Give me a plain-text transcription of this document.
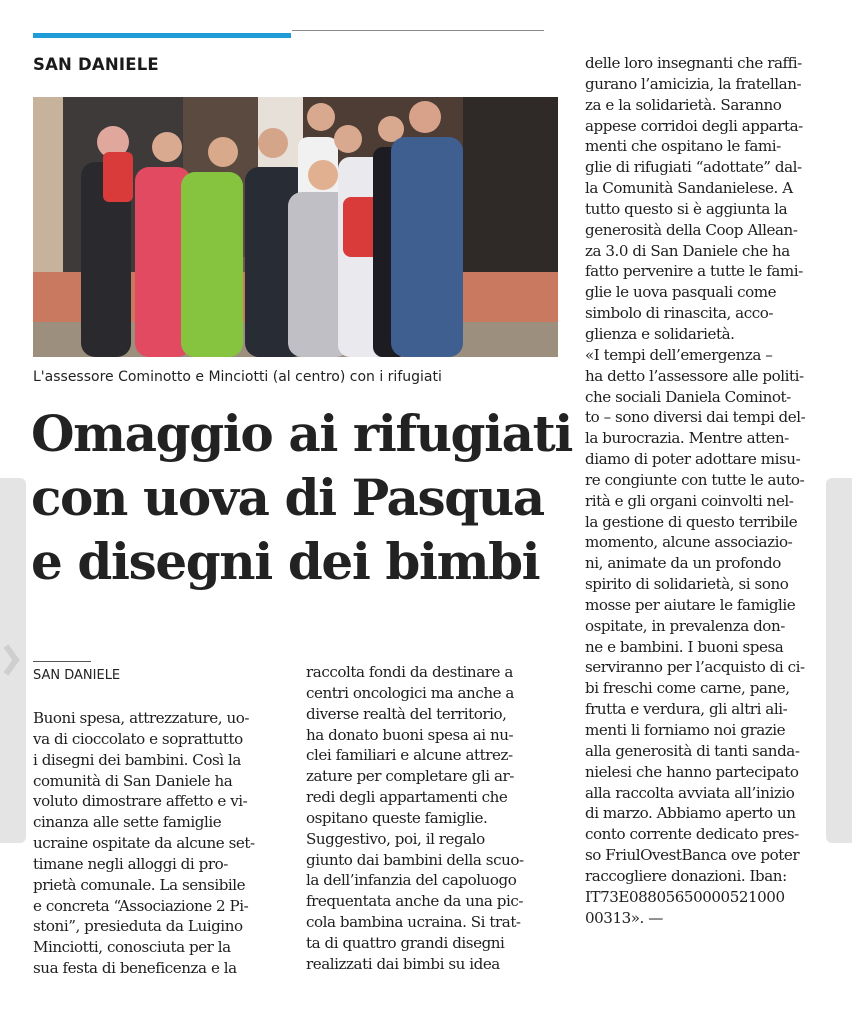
SAN DANIELE
L'assessore Cominotto e Minciotti (al centro) con i rifugiati
Omaggio ai rifugiati
con uova di Pasqua
e disegni dei bimbi
SAN DANIELE
Buoni spesa, attrezzature, uo-
va di cioccolato e soprattutto
i disegni dei bambini. Così la
comunità di San Daniele ha
voluto dimostrare affetto e vi-
cinanza alle sette famiglie
ucraine ospitate da alcune set-
timane negli alloggi di pro-
prietà comunale. La sensibile
e concreta “Associazione 2 Pi-
stoni”, presieduta da Luigino
Minciotti, conosciuta per la
sua festa di beneficenza e la
raccolta fondi da destinare a
centri oncologici ma anche a
diverse realtà del territorio,
ha donato buoni spesa ai nu-
clei familiari e alcune attrez-
zature per completare gli ar-
redi degli appartamenti che
ospitano queste famiglie.
Suggestivo, poi, il regalo
giunto dai bambini della scuo-
la dell’infanzia del capoluogo
frequentata anche da una pic-
cola bambina ucraina. Si trat-
ta di quattro grandi disegni
realizzati dai bimbi su idea
delle loro insegnanti che raffi-
gurano l’amicizia, la fratellan-
za e la solidarietà. Saranno
appese corridoi degli apparta-
menti che ospitano le fami-
glie di rifugiati “adottate” dal-
la Comunità Sandanielese. A
tutto questo si è aggiunta la
generosità della Coop Allean-
za 3.0 di San Daniele che ha
fatto pervenire a tutte le fami-
glie le uova pasquali come
simbolo di rinascita, acco-
glienza e solidarietà.
«I tempi dell’emergenza –
ha detto l’assessore alle politi-
che sociali Daniela Cominot-
to – sono diversi dai tempi del-
la burocrazia. Mentre atten-
diamo di poter adottare misu-
re congiunte con tutte le auto-
rità e gli organi coinvolti nel-
la gestione di questo terribile
momento, alcune associazio-
ni, animate da un profondo
spirito di solidarietà, si sono
mosse per aiutare le famiglie
ospitate, in prevalenza don-
ne e bambini. I buoni spesa
serviranno per l’acquisto di ci-
bi freschi come carne, pane,
frutta e verdura, gli altri ali-
menti li forniamo noi grazie
alla generosità di tanti sanda-
nielesi che hanno partecipato
alla raccolta avviata all’inizio
di marzo. Abbiamo aperto un
conto corrente dedicato pres-
so FriulOvestBanca ove poter
raccogliere donazioni. Iban:
IT73E08805650000521000
00313». —
